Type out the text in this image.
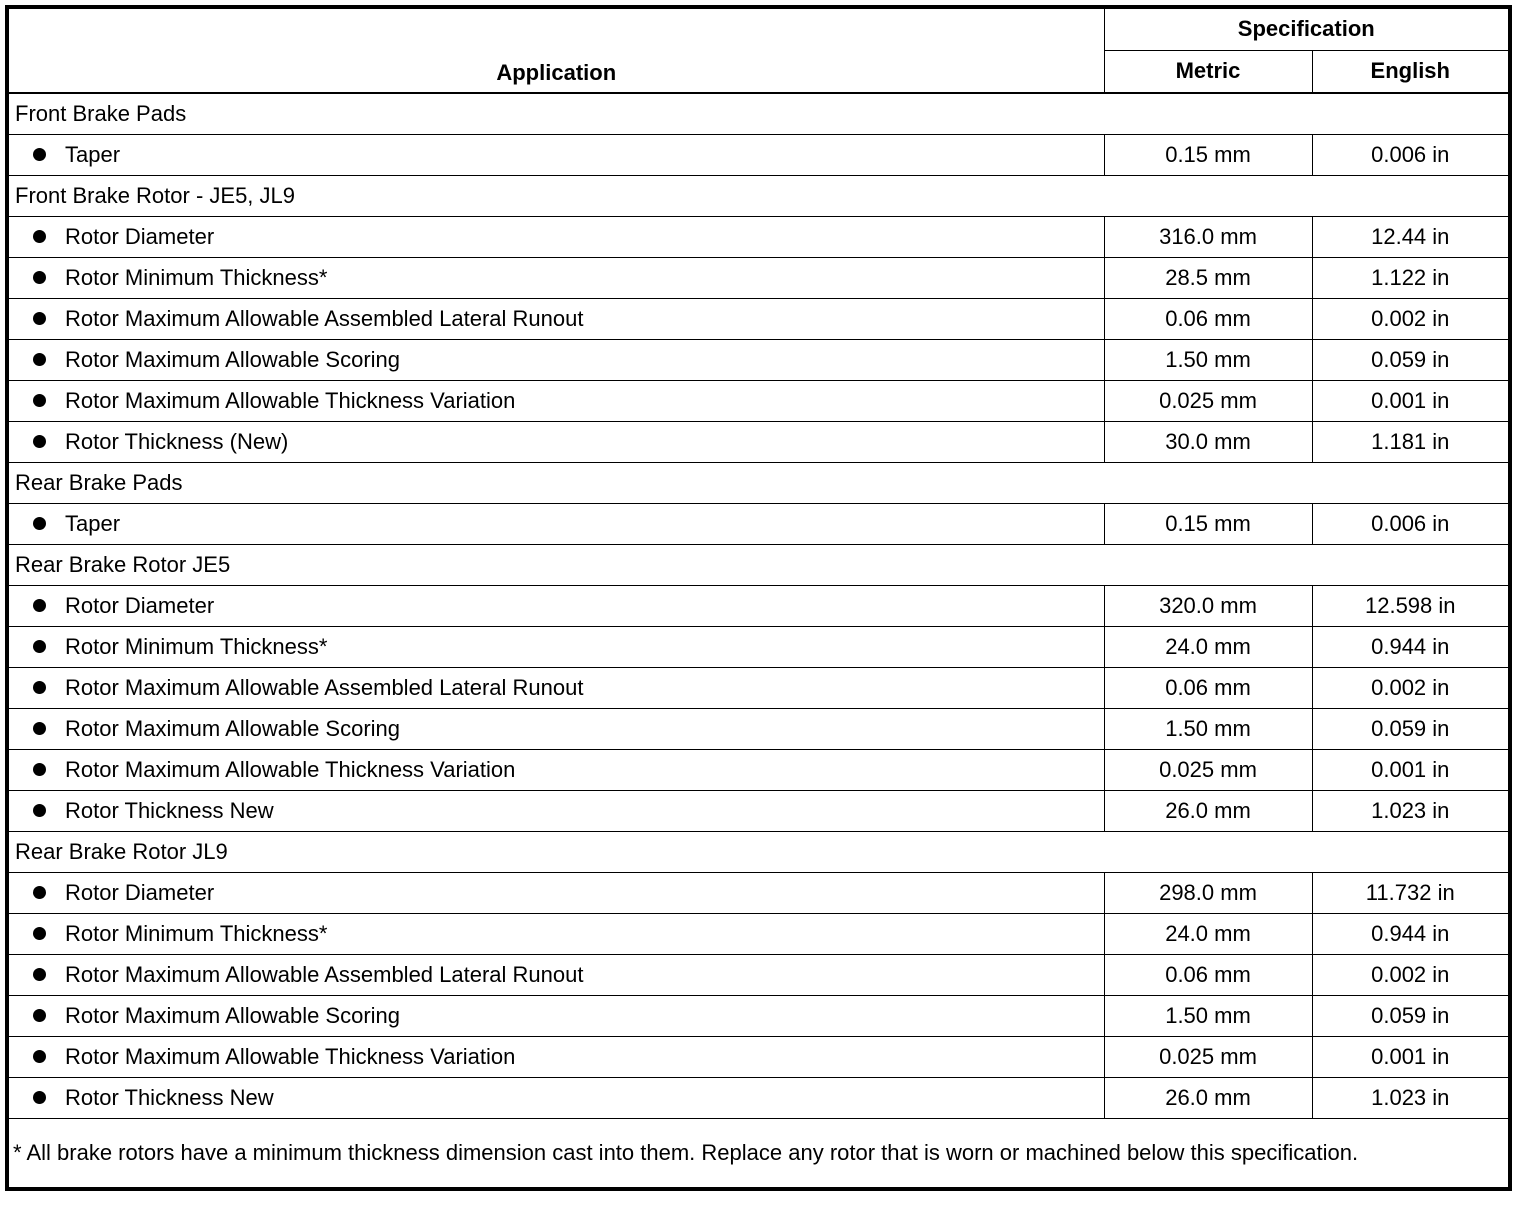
Application	Specification	
	Metric	English
Front Brake Pads		
Taper	0.15 mm	0.006 in
Front Brake Rotor - JE5, JL9		
Rotor Diameter	316.0 mm	12.44 in
Rotor Minimum Thickness*	28.5 mm	1.122 in
Rotor Maximum Allowable Assembled Lateral Runout	0.06 mm	0.002 in
Rotor Maximum Allowable Scoring	1.50 mm	0.059 in
Rotor Maximum Allowable Thickness Variation	0.025 mm	0.001 in
Rotor Thickness (New)	30.0 mm	1.181 in
Rear Brake Pads		
Taper	0.15 mm	0.006 in
Rear Brake Rotor JE5		
Rotor Diameter	320.0 mm	12.598 in
Rotor Minimum Thickness*	24.0 mm	0.944 in
Rotor Maximum Allowable Assembled Lateral Runout	0.06 mm	0.002 in
Rotor Maximum Allowable Scoring	1.50 mm	0.059 in
Rotor Maximum Allowable Thickness Variation	0.025 mm	0.001 in
Rotor Thickness New	26.0 mm	1.023 in
Rear Brake Rotor JL9		
Rotor Diameter	298.0 mm	11.732 in
Rotor Minimum Thickness*	24.0 mm	0.944 in
Rotor Maximum Allowable Assembled Lateral Runout	0.06 mm	0.002 in
Rotor Maximum Allowable Scoring	1.50 mm	0.059 in
Rotor Maximum Allowable Thickness Variation	0.025 mm	0.001 in
Rotor Thickness New	26.0 mm	1.023 in
* All brake rotors have a minimum thickness dimension cast into them. Replace any rotor that is worn or machined below this specification.		
